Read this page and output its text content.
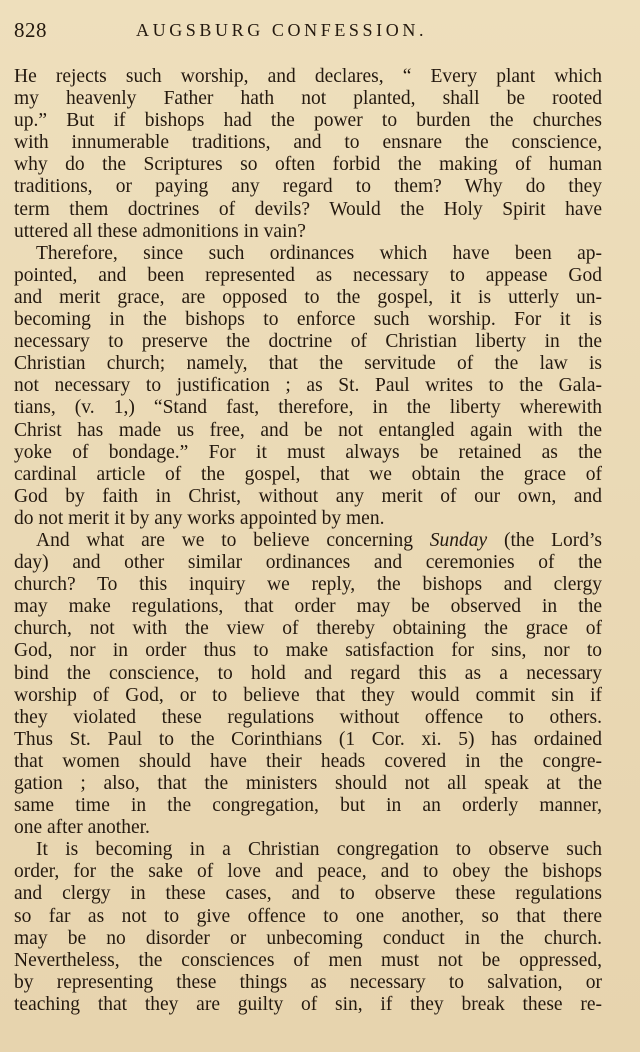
828	AUGSBURG CONFESSION.

He rejects such worship, and declares, “ Every plant which
my heavenly Father hath not planted, shall be rooted
up.” But if bishops had the power to burden the churches
with innumerable traditions, and to ensnare the conscience,
why do the Scriptures so often forbid the making of human
traditions, or paying any regard to them? Why do they
term them doctrines of devils? Would the Holy Spirit have
uttered all these admonitions in vain?

Therefore, since such ordinances which have been ap-
pointed, and been represented as necessary to appease God
and merit grace, are opposed to the gospel, it is utterly un-
becoming in the bishops to enforce such worship. For it is
necessary to preserve the doctrine of Christian liberty in the
Christian church; namely, that the servitude of the law is
not necessary to justification ; as St. Paul writes to the Gala-
tians, (v. 1,) “Stand fast, therefore, in the liberty wherewith
Christ has made us free, and be not entangled again with the
yoke of bondage.” For it must always be retained as the
cardinal article of the gospel, that we obtain the grace of
God by faith in Christ, without any merit of our own, and
do not merit it by any works appointed by men.

And what are we to believe concerning Sunday (the Lord’s
day) and other similar ordinances and ceremonies of the
church? To this inquiry we reply, the bishops and clergy
may make regulations, that order may be observed in the
church, not with the view of thereby obtaining the grace of
God, nor in order thus to make satisfaction for sins, nor to
bind the conscience, to hold and regard this as a necessary
worship of God, or to believe that they would commit sin if
they violated these regulations without offence to others.
Thus St. Paul to the Corinthians (1 Cor. xi. 5) has ordained
that women should have their heads covered in the congre-
gation ; also, that the ministers should not all speak at the
same time in the congregation, but in an orderly manner,
one after another.

It is becoming in a Christian congregation to observe such
order, for the sake of love and peace, and to obey the bishops
and clergy in these cases, and to observe these regulations
so far as not to give offence to one another, so that there
may be no disorder or unbecoming conduct in the church.
Nevertheless, the consciences of men must not be oppressed,
by representing these things as necessary to salvation, or
teaching that they are guilty of sin, if they break these re-
